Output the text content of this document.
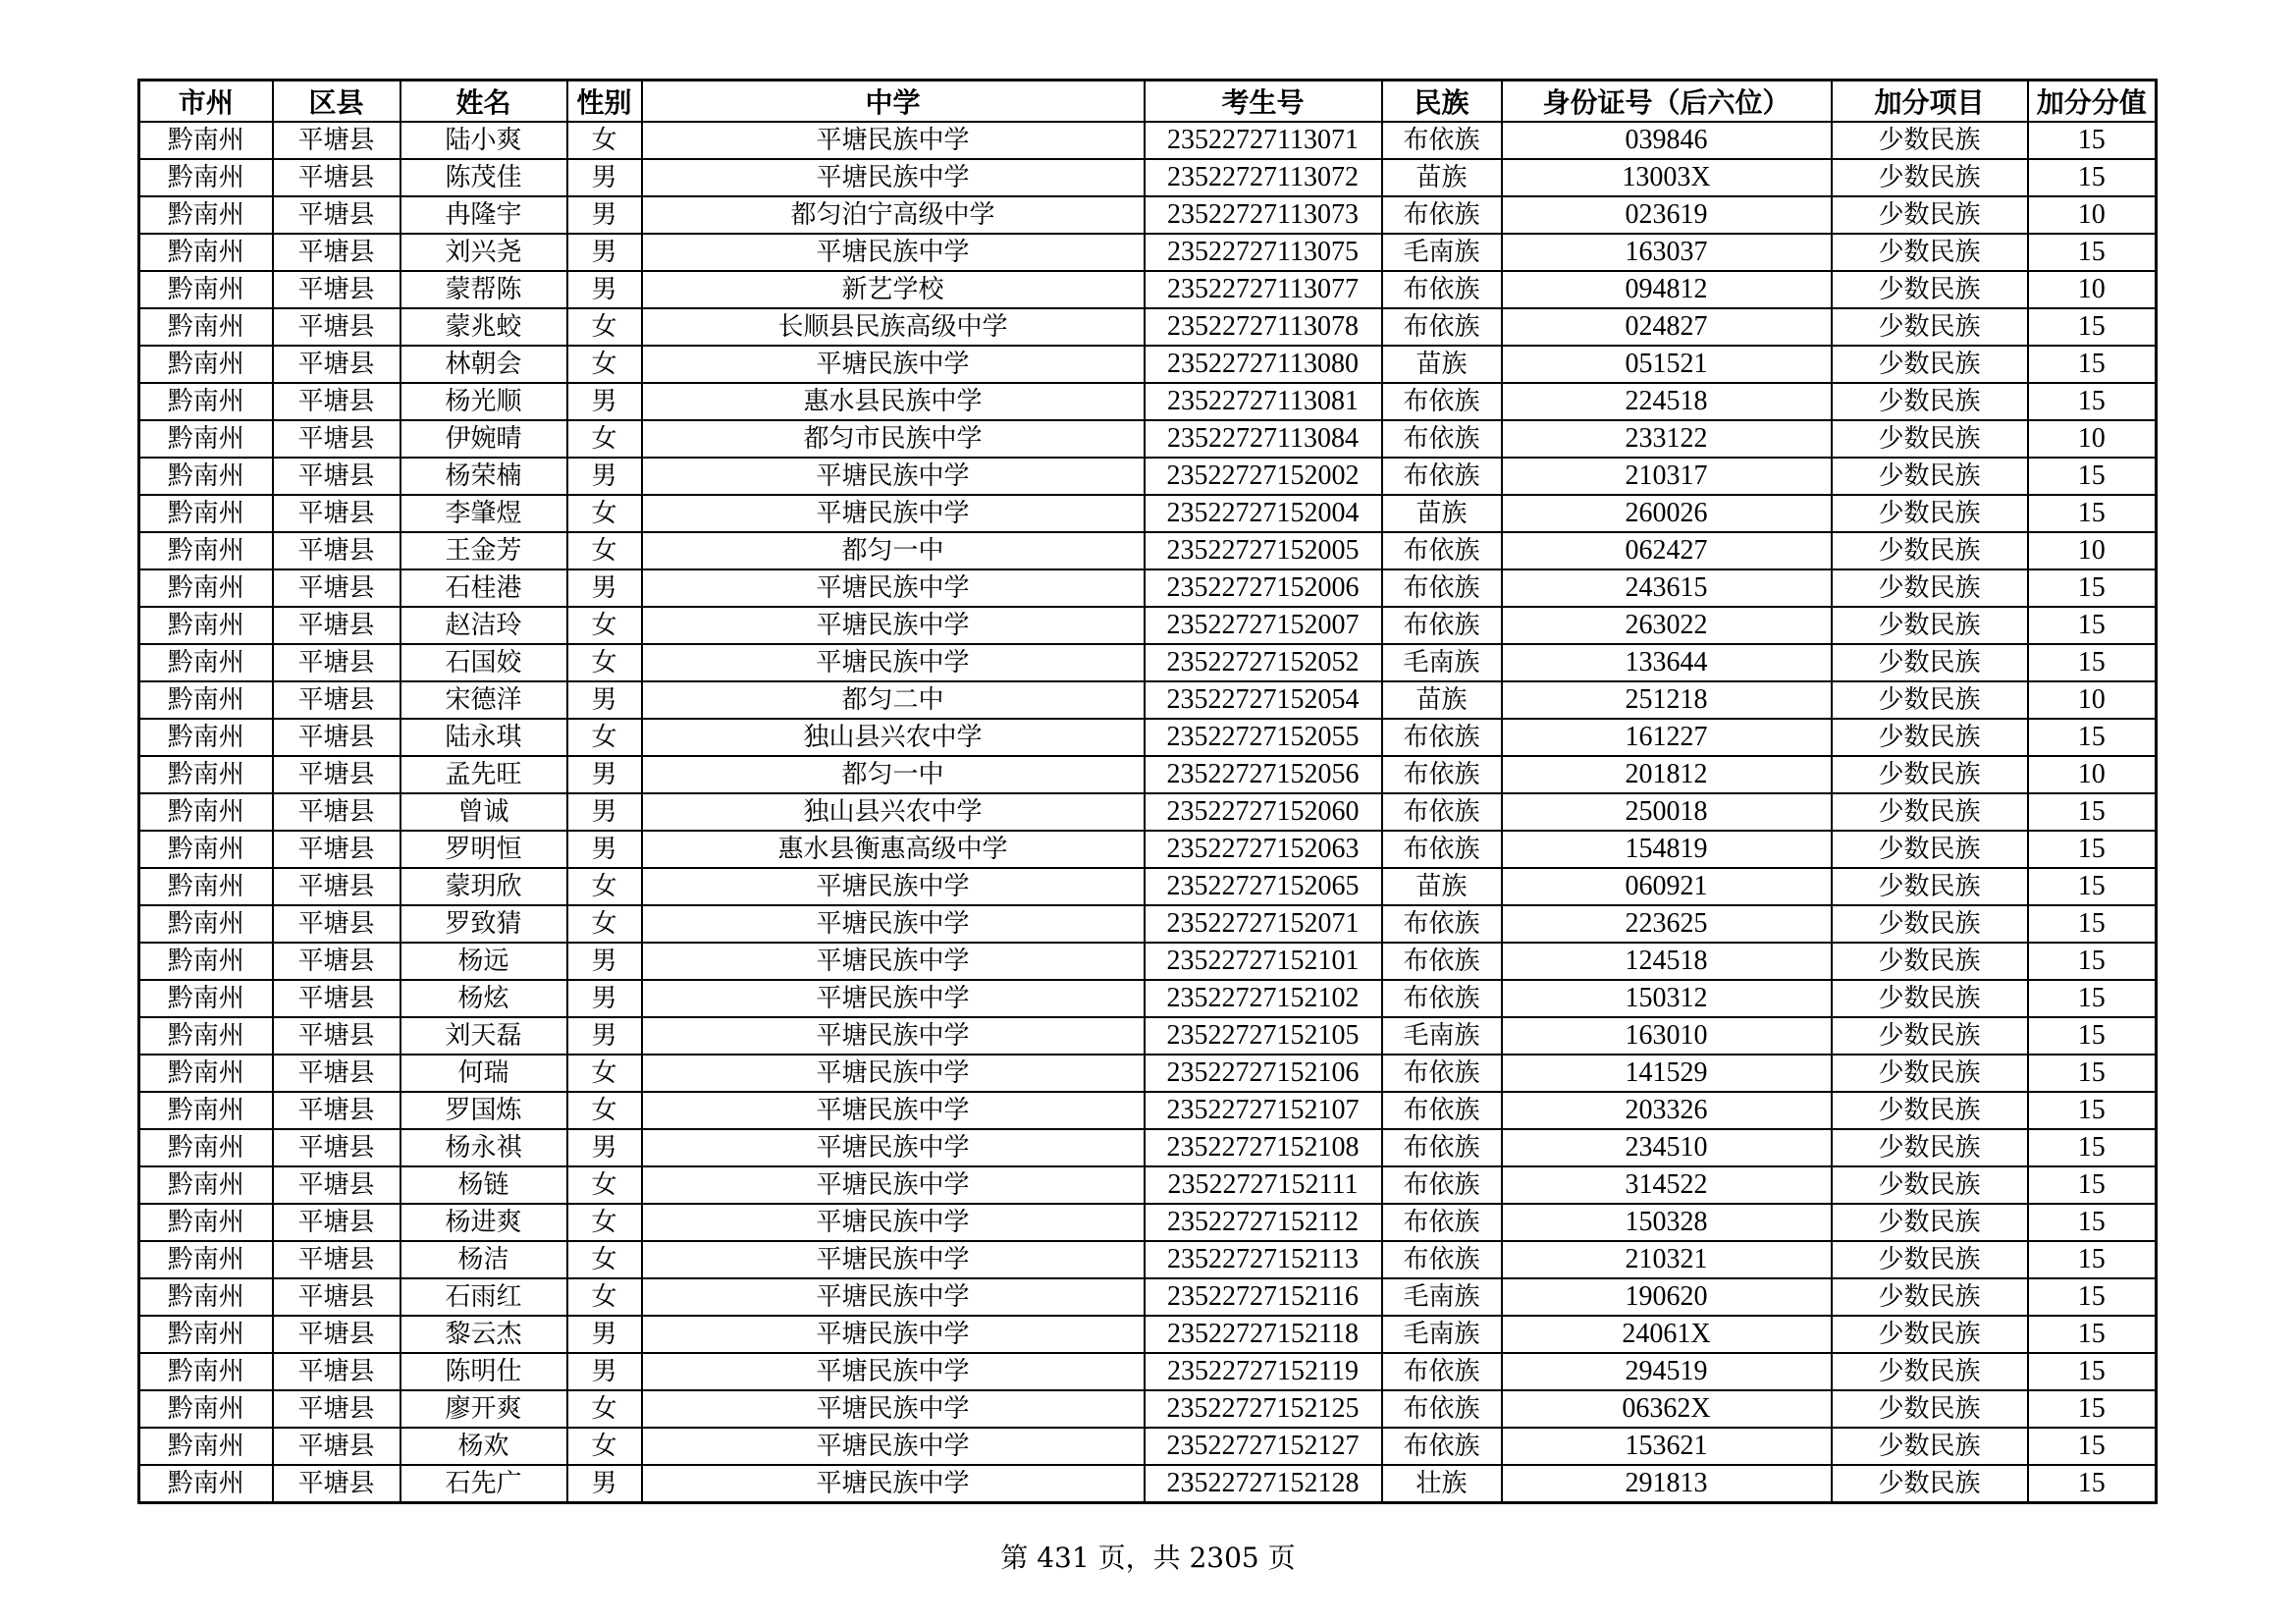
市州	区县	姓名	性别	中学	考生号	民族	身份证号（后六位）	加分项目	加分分值
黔南州	平塘县	陆小爽	女	平塘民族中学	23522727113071	布依族	039846	少数民族	15
黔南州	平塘县	陈茂佳	男	平塘民族中学	23522727113072	苗族	13003X	少数民族	15
黔南州	平塘县	冉隆宇	男	都匀泊宁高级中学	23522727113073	布依族	023619	少数民族	10
黔南州	平塘县	刘兴尧	男	平塘民族中学	23522727113075	毛南族	163037	少数民族	15
黔南州	平塘县	蒙帮陈	男	新艺学校	23522727113077	布依族	094812	少数民族	10
黔南州	平塘县	蒙兆蛟	女	长顺县民族高级中学	23522727113078	布依族	024827	少数民族	15
黔南州	平塘县	林朝会	女	平塘民族中学	23522727113080	苗族	051521	少数民族	15
黔南州	平塘县	杨光顺	男	惠水县民族中学	23522727113081	布依族	224518	少数民族	15
黔南州	平塘县	伊婉晴	女	都匀市民族中学	23522727113084	布依族	233122	少数民族	10
黔南州	平塘县	杨荣楠	男	平塘民族中学	23522727152002	布依族	210317	少数民族	15
黔南州	平塘县	李肇煜	女	平塘民族中学	23522727152004	苗族	260026	少数民族	15
黔南州	平塘县	王金芳	女	都匀一中	23522727152005	布依族	062427	少数民族	10
黔南州	平塘县	石桂港	男	平塘民族中学	23522727152006	布依族	243615	少数民族	15
黔南州	平塘县	赵洁玲	女	平塘民族中学	23522727152007	布依族	263022	少数民族	15
黔南州	平塘县	石国姣	女	平塘民族中学	23522727152052	毛南族	133644	少数民族	15
黔南州	平塘县	宋德洋	男	都匀二中	23522727152054	苗族	251218	少数民族	10
黔南州	平塘县	陆永琪	女	独山县兴农中学	23522727152055	布依族	161227	少数民族	15
黔南州	平塘县	孟先旺	男	都匀一中	23522727152056	布依族	201812	少数民族	10
黔南州	平塘县	曾诚	男	独山县兴农中学	23522727152060	布依族	250018	少数民族	15
黔南州	平塘县	罗明恒	男	惠水县衡惠高级中学	23522727152063	布依族	154819	少数民族	15
黔南州	平塘县	蒙玥欣	女	平塘民族中学	23522727152065	苗族	060921	少数民族	15
黔南州	平塘县	罗致猜	女	平塘民族中学	23522727152071	布依族	223625	少数民族	15
黔南州	平塘县	杨远	男	平塘民族中学	23522727152101	布依族	124518	少数民族	15
黔南州	平塘县	杨炫	男	平塘民族中学	23522727152102	布依族	150312	少数民族	15
黔南州	平塘县	刘天磊	男	平塘民族中学	23522727152105	毛南族	163010	少数民族	15
黔南州	平塘县	何瑞	女	平塘民族中学	23522727152106	布依族	141529	少数民族	15
黔南州	平塘县	罗国炼	女	平塘民族中学	23522727152107	布依族	203326	少数民族	15
黔南州	平塘县	杨永祺	男	平塘民族中学	23522727152108	布依族	234510	少数民族	15
黔南州	平塘县	杨链	女	平塘民族中学	23522727152111	布依族	314522	少数民族	15
黔南州	平塘县	杨进爽	女	平塘民族中学	23522727152112	布依族	150328	少数民族	15
黔南州	平塘县	杨洁	女	平塘民族中学	23522727152113	布依族	210321	少数民族	15
黔南州	平塘县	石雨红	女	平塘民族中学	23522727152116	毛南族	190620	少数民族	15
黔南州	平塘县	黎云杰	男	平塘民族中学	23522727152118	毛南族	24061X	少数民族	15
黔南州	平塘县	陈明仕	男	平塘民族中学	23522727152119	布依族	294519	少数民族	15
黔南州	平塘县	廖开爽	女	平塘民族中学	23522727152125	布依族	06362X	少数民族	15
黔南州	平塘县	杨欢	女	平塘民族中学	23522727152127	布依族	153621	少数民族	15
黔南州	平塘县	石先广	男	平塘民族中学	23522727152128	壮族	291813	少数民族	15
第 431 页，共 2305 页
